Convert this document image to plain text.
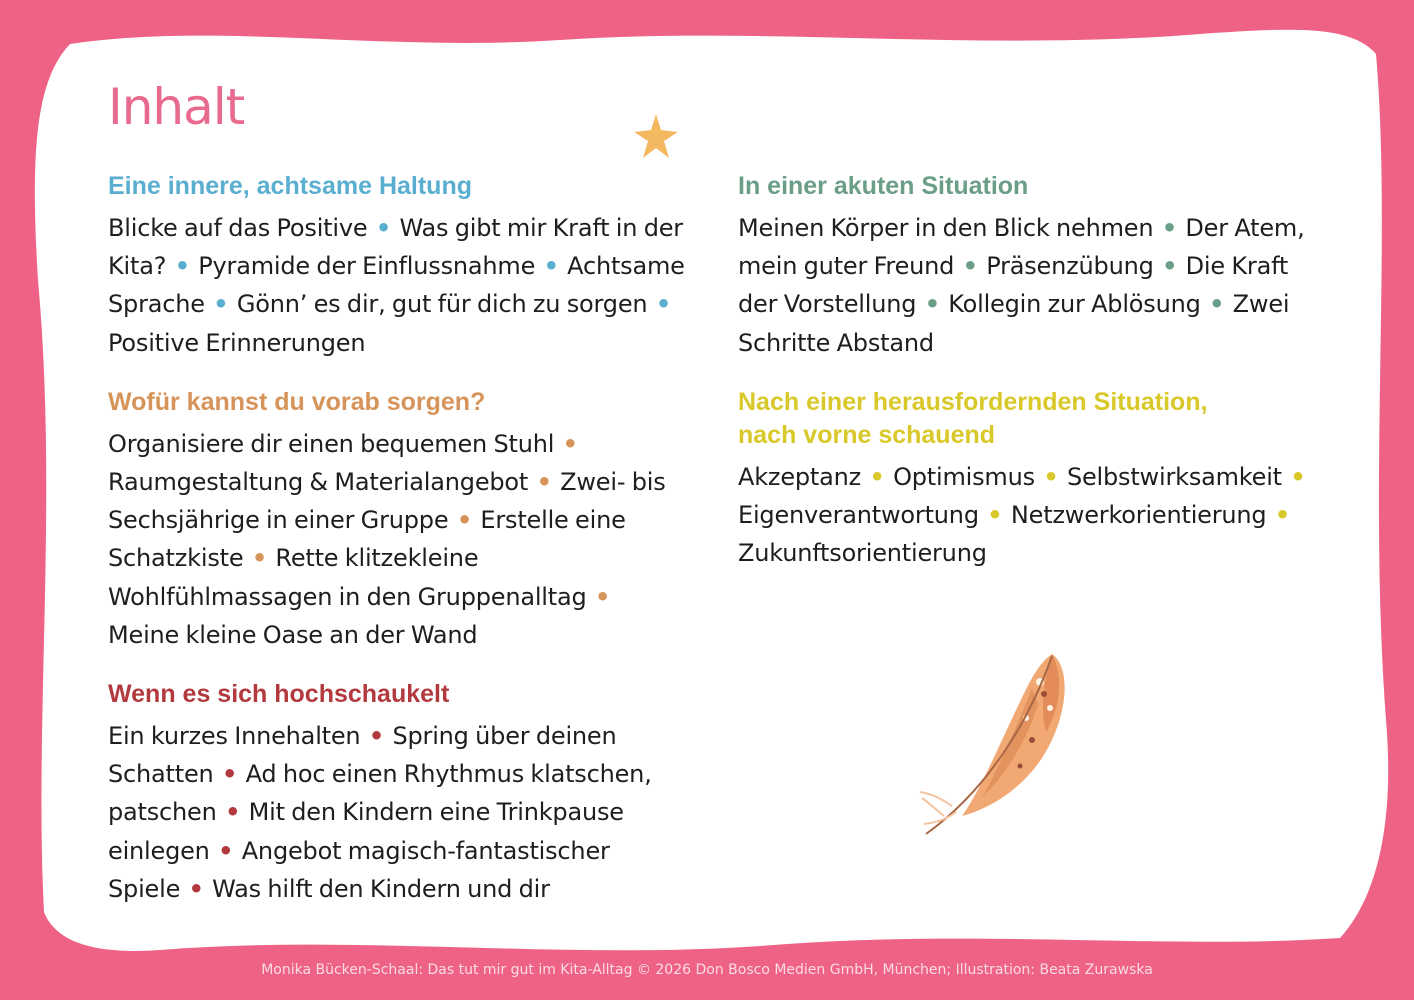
Inhalt
Eine innere, achtsame Haltung

Blicke auf das Positive • Was gibt mir Kraft in der Kita? • Pyramide der Einflussnahme • Achtsame Sprache • Gönn’ es dir, gut für dich zu sorgen • Positive Erinnerungen

Wofür kannst du vorab sorgen?

Organisiere dir einen bequemen Stuhl • Raumgestaltung & Materialangebot • Zwei- bis Sechsjährige in einer Gruppe • Erstelle eine Schatzkiste • Rette klitzekleine Wohlfühlmassagen in den Gruppenalltag • Meine kleine Oase an der Wand

Wenn es sich hochschaukelt

Ein kurzes Innehalten • Spring über deinen Schatten • Ad hoc einen Rhythmus klatschen, patschen • Mit den Kindern eine Trinkpause einlegen • Angebot magisch-fantastischer Spiele • Was hilft den Kindern und dir

In einer akuten Situation

Meinen Körper in den Blick nehmen • Der Atem, mein guter Freund • Präsenzübung • Die Kraft der Vorstellung • Kollegin zur Ablösung • Zwei Schritte Abstand

Nach einer herausfordernden Situation, nach vorne schauend

Akzeptanz • Optimismus • Selbstwirksamkeit • Eigenverantwortung • Netzwerkorientierung • Zukunftsorientierung

Monika Bücken-Schaal: Das tut mir gut im Kita-Alltag © 2026 Don Bosco Medien GmbH, München; Illustration: Beata Zurawska
